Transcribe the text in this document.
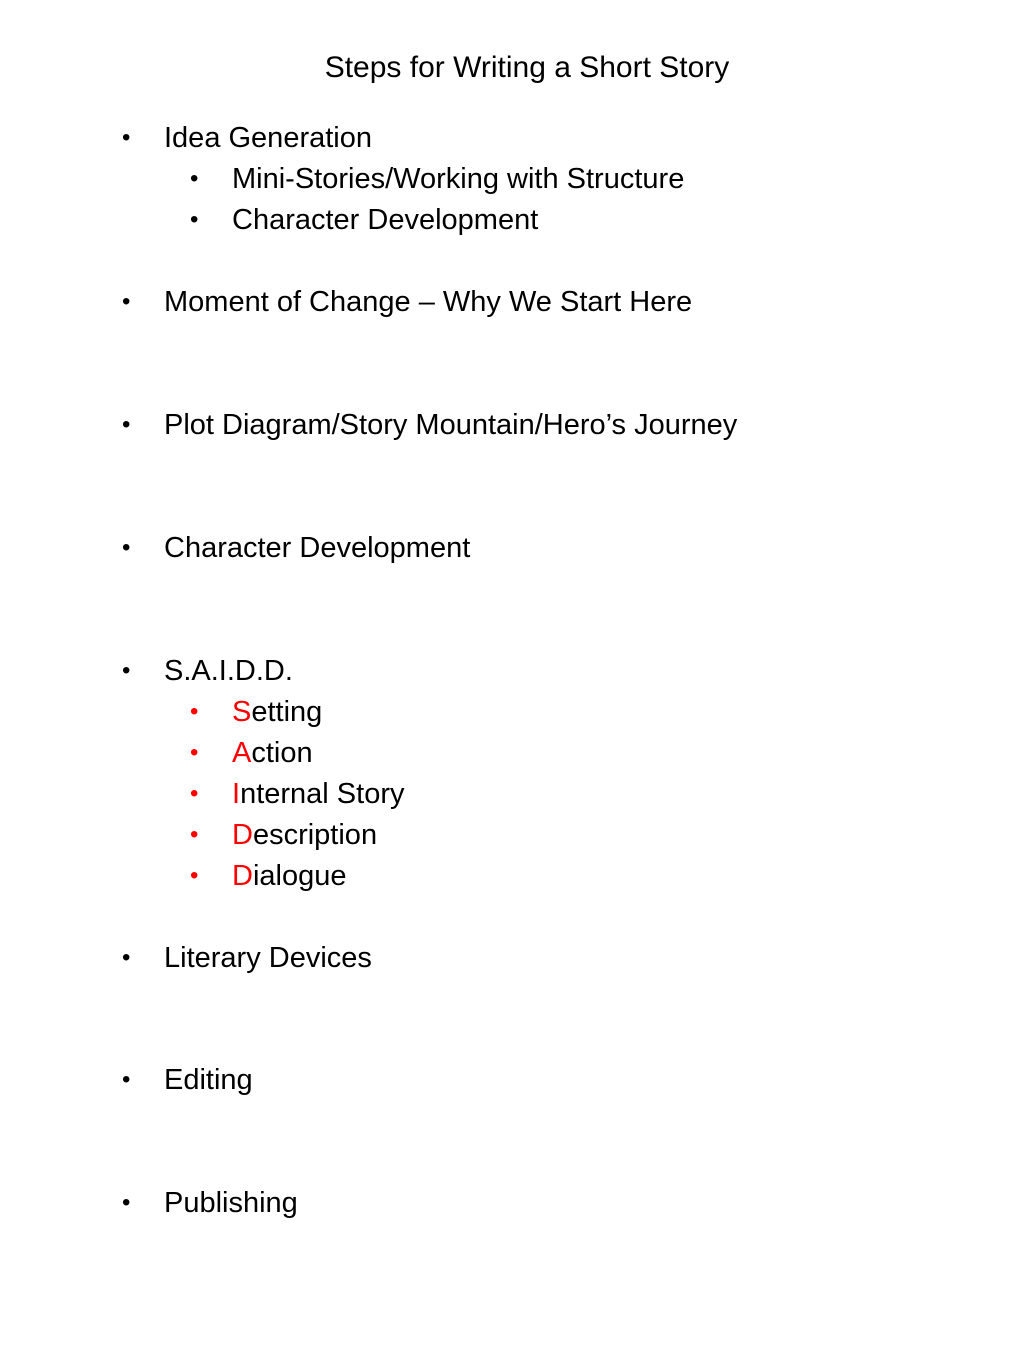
Steps for Writing a Short Story
• Idea Generation
• Mini-Stories/Working with Structure
• Character Development
• Moment of Change – Why We Start Here
• Plot Diagram/Story Mountain/Hero’s Journey
• Character Development
• S.A.I.D.D.
• Setting
• Action
• Internal Story
• Description
• Dialogue
• Literary Devices
• Editing
• Publishing
